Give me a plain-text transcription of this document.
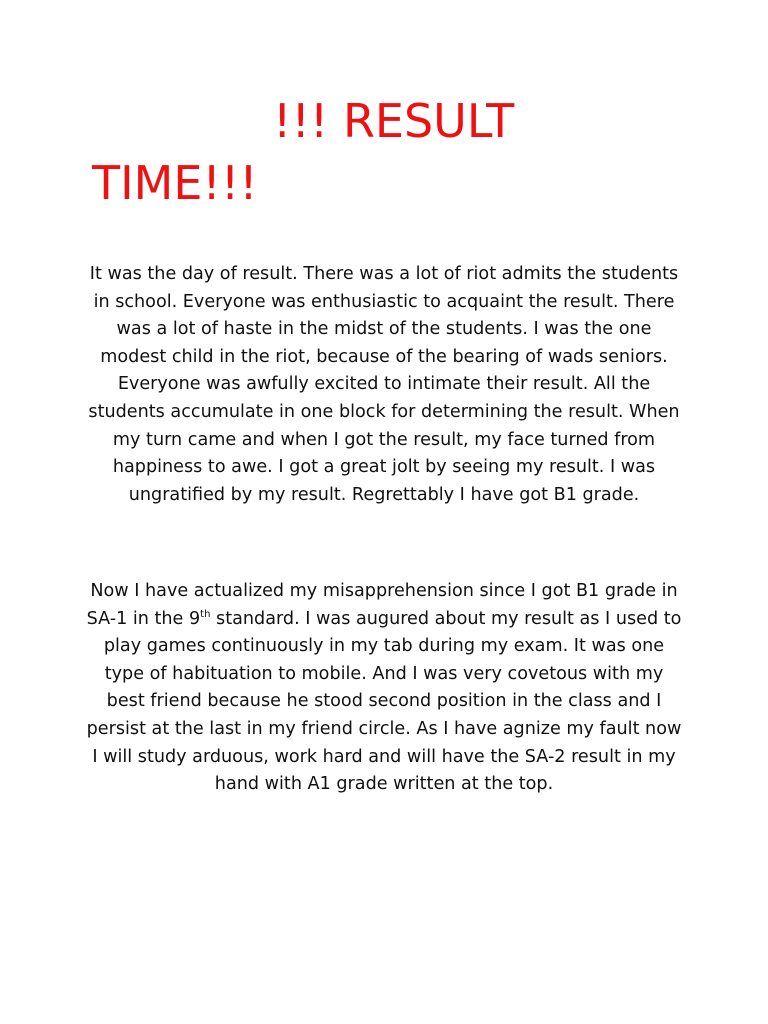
!!! RESULT
TIME!!!

It was the day of result. There was a lot of riot admits the students in school. Everyone was enthusiastic to acquaint the result. There was a lot of haste in the midst of the students. I was the one modest child in the riot, because of the bearing of wads seniors. Everyone was awfully excited to intimate their result. All the students accumulate in one block for determining the result. When my turn came and when I got the result, my face turned from happiness to awe. I got a great jolt by seeing my result. I was ungratified by my result. Regrettably I have got B1 grade.

Now I have actualized my misapprehension since I got B1 grade in SA-1 in the 9th standard. I was augured about my result as I used to play games continuously in my tab during my exam. It was one type of habituation to mobile. And I was very covetous with my best friend because he stood second position in the class and I persist at the last in my friend circle. As I have agnize my fault now I will study arduous, work hard and will have the SA-2 result in my hand with A1 grade written at the top.
